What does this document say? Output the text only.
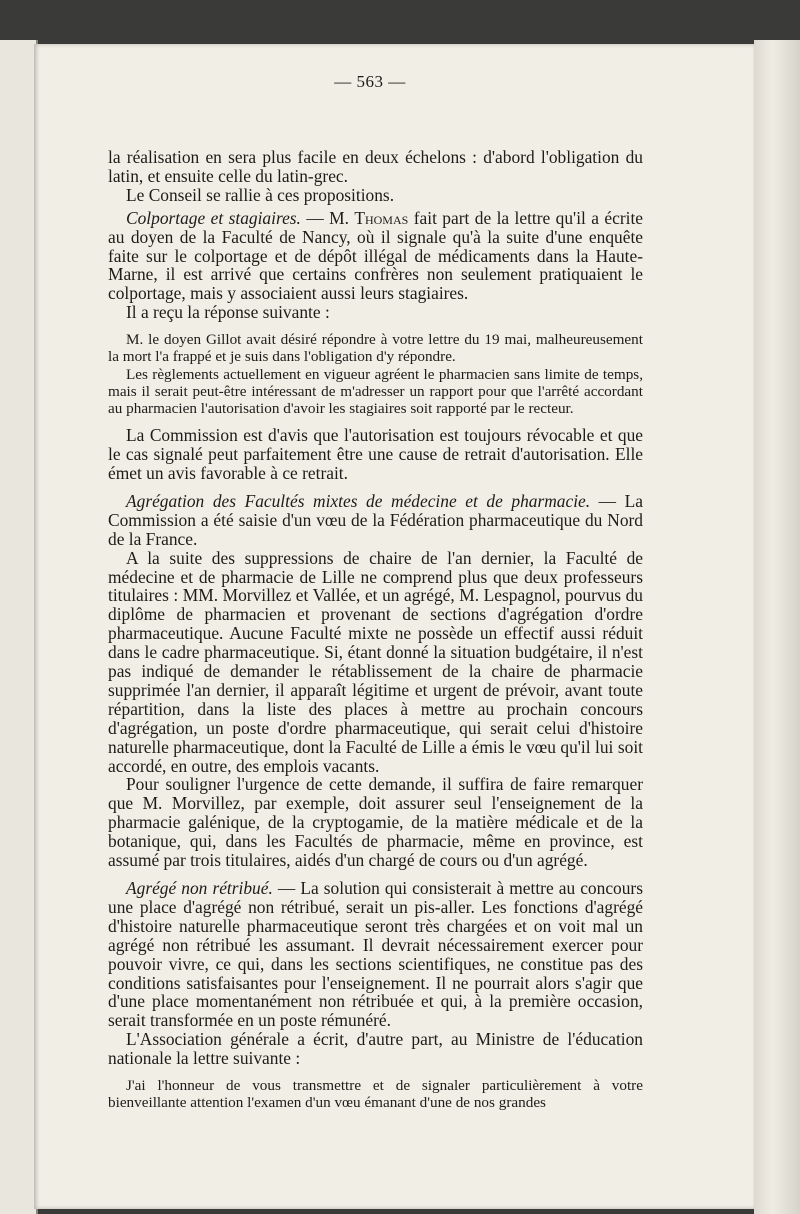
— 563 —

la réalisation en sera plus facile en deux échelons : d'abord l'obligation du latin, et ensuite celle du latin-grec.

Le Conseil se rallie à ces propositions.

Colportage et stagiaires. — M. Thomas fait part de la lettre qu'il a écrite au doyen de la Faculté de Nancy, où il signale qu'à la suite d'une enquête faite sur le colportage et de dépôt illégal de médicaments dans la Haute-Marne, il est arrivé que certains confrères non seulement pratiquaient le colportage, mais y associaient aussi leurs stagiaires.

Il a reçu la réponse suivante :

M. le doyen Gillot avait désiré répondre à votre lettre du 19 mai, malheureusement la mort l'a frappé et je suis dans l'obligation d'y répondre.

Les règlements actuellement en vigueur agréent le pharmacien sans limite de temps, mais il serait peut-être intéressant de m'adresser un rapport pour que l'arrêté accordant au pharmacien l'autorisation d'avoir les stagiaires soit rapporté par le recteur.

La Commission est d'avis que l'autorisation est toujours révocable et que le cas signalé peut parfaitement être une cause de retrait d'autorisation. Elle émet un avis favorable à ce retrait.

Agrégation des Facultés mixtes de médecine et de pharmacie. — La Commission a été saisie d'un vœu de la Fédération pharmaceutique du Nord de la France.

A la suite des suppressions de chaire de l'an dernier, la Faculté de médecine et de pharmacie de Lille ne comprend plus que deux professeurs titulaires : MM. Morvillez et Vallée, et un agrégé, M. Lespagnol, pourvus du diplôme de pharmacien et provenant de sections d'agrégation d'ordre pharmaceutique. Aucune Faculté mixte ne possède un effectif aussi réduit dans le cadre pharmaceutique. Si, étant donné la situation budgétaire, il n'est pas indiqué de demander le rétablissement de la chaire de pharmacie supprimée l'an dernier, il apparaît légitime et urgent de prévoir, avant toute répartition, dans la liste des places à mettre au prochain concours d'agrégation, un poste d'ordre pharmaceutique, qui serait celui d'histoire naturelle pharmaceutique, dont la Faculté de Lille a émis le vœu qu'il lui soit accordé, en outre, des emplois vacants.

Pour souligner l'urgence de cette demande, il suffira de faire remarquer que M. Morvillez, par exemple, doit assurer seul l'enseignement de la pharmacie galénique, de la cryptogamie, de la matière médicale et de la botanique, qui, dans les Facultés de pharmacie, même en province, est assumé par trois titulaires, aidés d'un chargé de cours ou d'un agrégé.

Agrégé non rétribué. — La solution qui consisterait à mettre au concours une place d'agrégé non rétribué, serait un pis-aller. Les fonctions d'agrégé d'histoire naturelle pharmaceutique seront très chargées et on voit mal un agrégé non rétribué les assumant. Il devrait nécessairement exercer pour pouvoir vivre, ce qui, dans les sections scientifiques, ne constitue pas des conditions satisfaisantes pour l'enseignement. Il ne pourrait alors s'agir que d'une place momentanément non rétribuée et qui, à la première occasion, serait transformée en un poste rémunéré.

L'Association générale a écrit, d'autre part, au Ministre de l'éducation nationale la lettre suivante :

J'ai l'honneur de vous transmettre et de signaler particulièrement à votre bienveillante attention l'examen d'un vœu émanant d'une de nos grandes
